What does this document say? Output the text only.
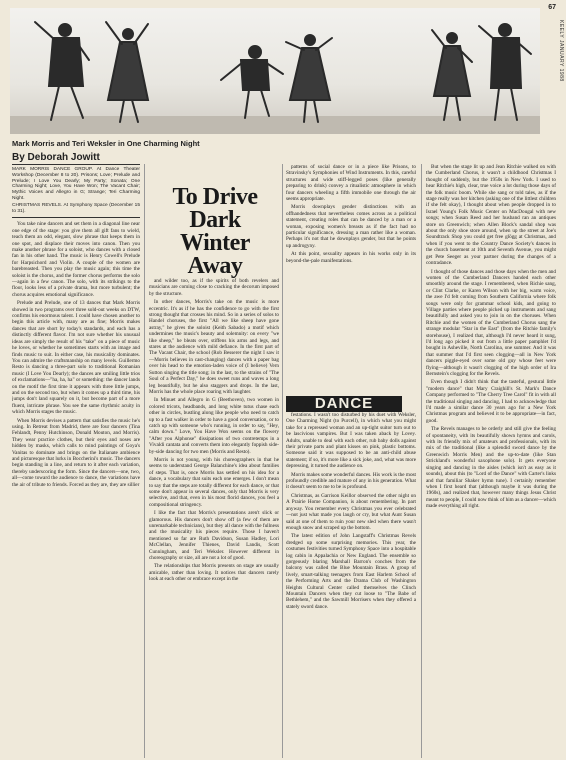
67
KEELY JANUARY 1988
Mark Morris and Teri Weksler in One Charming Night
By Deborah Jowitt

MARK MORRIS DANCE GROUP. At Dance Theater Workshop (December 8 to 20). Prisons; Love; Prelude and Prelude; I Love You Dearly; My Party; Sonata; One Charming Night; Love, You Have Won; The Vacant Chair; Mythic Voices and Allegro in G; Strange; Teri Charming Night.

CHRISTMAS REVELS. At Symphony Space (December 15 to 31).

You take nine dancers and set them in a diagonal line near one edge of the stage: you give them all gift fans to wield, teach them an odd, elegant, slow phrase that keeps them in one spot, and displace their moves into canon. Then you make another phrase for a soloist, who dances with a closed fan in his other hand. The music is Henry Cowell's Prelude for Harpsichord and Violin. A couple of the women are barebreasted. Then you play the music again; this time the soloist is the chorus, and the former chorus performs the solo—again in a few canon. The solo, with its strikings to the floor, looks less of a private drama, but more turbulent; the chorus acquires emotional significance.

Prelude and Prelude, one of 13 dances that Mark Morris showed in two programs over three sold-out weeks on DTW, confirms his enormous talent. I could have chosen another to begin this article with, many are as fine; Morris makes dances that are short by today's standards, and each has a distinctly different flavor. I'm not sure whether his unusual ideas are simply the result of his "take" on a piece of music he loves, or whether he sometimes starts with an image and finds music to suit. In either case, his musicality dominates. You can admire the craftsmanship on many levels. Guillermo Resto is dancing a three-part solo to traditional Romanian music (I Love You Dearly); the dances are smiling little trios of exclamations—"ha, ha, ha" or something: the dancer lands on the motif the first time it appears with three little jumps, and on the second too, but when it comes up a third time, his jumps don't land squarely on it, but become part of a more fluent, intricate phrase. You see the same rhythmic acuity in which Morris stages the music.

When Morris devises a pattern that satisfies the music he's using. In Retreat from Madrid, there are four dancers (Tina Fehlandt, Penny Hutchinson, Donald Mouton, and Morris). They wear practice clothes, but their eyes and noses are hidden by masks, which calls to mind paintings of Goya's Vanitas to dominate and brings on the Italianate ambience and picturesque that lurks in Boccherini's music. The dancers begin standing in a line, and return to it after each variation, thereby underscoring the form. Since the dancers—one, two, all—come toward the audience to dance, the variations have the air of tribute to friends. Forced as they are, they are sillier

To Drive Dark Winter Away

and wilder too, as if the spirits of both revelers and musicians are coming close to cracking the decorum imposed by the structure.

In other dances, Morris's take on the music is more eccentric. It's as if he has the confidence to go with the first strong thought that crosses his mind. So in a series of solos to Handel choruses, the first "All we like sheep have gone astray," he gives the soloist (Keith Sabado) a motif which undermines the music's beauty and solemnity: on every "we like sheep," he bleats over, stiffens his arms and legs, and stares at the audience with mild defiance. In the first part of The Vacant Chair, the school (Rob Besserer the night I saw it—Morris believes in cast-changing) dances with a paper bag over his head to the emotion-laden voice of (I believe) Vern Sutton singing the title song; in the last, to the strains of "The Soul of a Perfect Day," he does sweet runs and waves a long leg beautifully, but he also staggers and drops. In the last, Morris has the whole place roaring with laughter.

In Minuet and Allegro in G (Beethoven), two women in colored tricots, headbands, and long white tutus chase each other in circles, bustling along like people who need to catch up to a fast walker in order to have a good conversation, or to catch up with someone who's running, in order to say, "Hey, calm down." Love, You Have Won seems on the flowery "After you Alphonse" dissipations of two contretemps in a Vivaldi cantata and converts them into elegantly foppish side-by-side dancing for two men (Morris and Resto).

Morris is not young, with his choreographers in that he seems to understand George Balanchine's idea about families of steps. That is, once Morris has settled on his idea for a dance, a vocabulary that suits each one emerges. I don't mean to say that the steps are totally different for each dance, or that some don't appear in several dances, only that Morris is very selective, and that, even in his most florid dances, you feel a compositional stringency.

I like the fact that Morris's presentations aren't slick or glamorous. His dancers don't show off (a few of them are unremarkable technicians), but they all dance with the fullness and the musicality his pieces require. Those I haven't mentioned so far are Ruth Davidson, Susan Hadley, Lori McClellan, Jennifer Thienes, David Landis, Scott Cunningham, and Teri Weksler. However different in choreography or size, all are not a lot of good.

The relationships that Morris presents on stage are usually amicable, rather than loving. It notices that dancers rarely look at each other or embrace except in the

patterns of social dance or in a piece like Prisons, to Stravinsky's Symphonies of Wind Instruments. In this, careful structures and wide stiff-legged poses (like generally preparing to drink) convey a ritualistic atmosphere in which four dancers wheeling a fifth immobile one through the air seems appropriate.

Morris downplays gender distinctions with an offhandedness that nevertheless comes across as a political statement, creating roles that can be danced by a man or a woman, exposing women's breasts as if the fact had no particular significance, dressing a man rather like a woman. Perhaps it's not that he downplays gender, but that he points up androgyny.

At this point, sexuality appears in his works only in its beyond-the-pale manifestations.

DANCE

festations. I wasn't too disturbed by his duet with Weksler, One Charming Night (to Purcell), in which what you might take for a repressed woman and an up-tight suitor turn out to be lascivious vampires. But I was taken aback by Lovey. Adults, unable to deal with each other, rub baby dolls against their private parts and plant kisses on pink, plastic bottoms. Someone said it was supposed to be an anti-child abuse statement; if so, it's more like a sick joke, and, what was more depressing, it turned the audience on.

Morris makes some wonderful dances. His work is the most profoundly credible and mature of any in his generation. What it doesn't seem to me to be is profound.

Christmas, as Garrison Keillor observed the other night on A Prairie Home Companion, is about remembering. In part anyway. You remember every Christmas you ever celebrated—not just what made you laugh or cry, but what Aunt Susan said at one of them to ruin your new sled when there wasn't enough snow and scraped up the bottom.

The latest edition of John Langstaff's Christmas Revels dredged up some surprising memories. This year, the costumes festivities turned Symphony Space into a hospitable log cabin in Appalachia or New England. The ensemble so gorgeously blaring Marshall Barron's conches from the balcony was called the Blue Mountain Brass. A group of lively, smart-talking teenagers from East Harlem School of the Performing Arts and the Drama Club of Washington Heights Cultural Center called themselves the Clinch Mountain Dancers when they cut loose to "The Babe of Bethlehem," and the Sawmill Morrisers when they offered a stately sword dance.

But when the stage lit up and Jean Ritchie walked on with the Cumberland Chorus, it wasn't a childhood Christmas I thought of suddenly, but the 1950s in New York. I used to hear Ritchie's high, clear, true voice a lot during those days of the folk music boom. While she sang or told tales, as if the stage really was her kitchen (asking one of the littlest children if she felt okay), I thought about when people dropped in to Israel Young's Folk Music Center on MacDougal with new songs; when Susan Reed and her husband ran an antiques store on Greenwich; when Allen Block's sandal shop was about the only shoe store around, when up the street at Joe's Soundtrack Shop you could get free glögg at Christmas, and when if you went to the Country Dance Society's dances in the church basement at 10th and Seventh Avenue, you might get Pete Seeger as your partner during the changes of a contradance.

I thought of those dances and those days when the men and women of the Cumberland Dancers handed each other smoothly around the stage. I remembered, when Richie sang, or Clint Clarke, or Karen Wilson with her big, warm voice, the awe I'd felt coming from Southern California where folk songs were only for grammar school kids, and going to Village parties where people picked up instruments and sang beautifully and asked you to join in on the choruses. When Ritchie and the women of the Cumberland Chorus sang the strange modular "Star in the East" (from the Ritchie family's storehouse), I realized that, although I'd never heard it sung, I'd long ago picked it out from a little paper pamphlet I'd bought in Asheville, North Carolina, one summer. And it was that summer that I'd first seen clogging—all in New York dancers piggle-eyed over some old guy whose feet were flying—although it wasn't clogging of the high order of Ira Bernstein's clogging for the Revels.

Even though I didn't think that the tasteful, gestural little "modern dance" that Mary Craighill's St. Mark's Dance Company performed to "The Cherry Tree Carol" fit in with all the traditional singing and dancing, I had to acknowledge that I'd made a similar dance 30 years ago for a New York Christmas program and believed it to be appropriate—in fact, good.

The Revels manages to be orderly and still give the feeling of spontaneity, with its beautifully shown hymns and carols, with its friendly mix of amateurs and professionals, with its mix of the traditional (like a splendid sword dance by the Greenwich Morris Men) and the up-to-date (like Stan Strickland's wonderful saxophone solo). It gets everyone singing and dancing in the aisles (which isn't as easy as it sounds), about this (to "Lord of the Dance" with Carter's links and that familiar Shaker hymn tune). I certainly remember when I first heard that (although maybe it was during the 1960s), and realized that, however many things Jesus Christ meant to people, I could now think of him as a dancer—which made everything all right.
